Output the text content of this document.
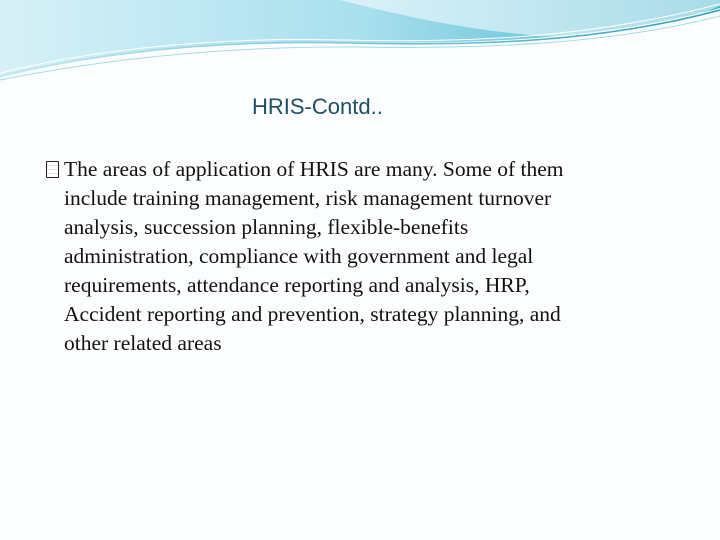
HRIS-Contd..

The areas of application of HRIS are many. Some of them
include training management, risk management turnover
analysis, succession planning, flexible-benefits
administration, compliance with government and legal
requirements, attendance reporting and analysis, HRP,
Accident reporting and prevention, strategy planning, and
other related areas
